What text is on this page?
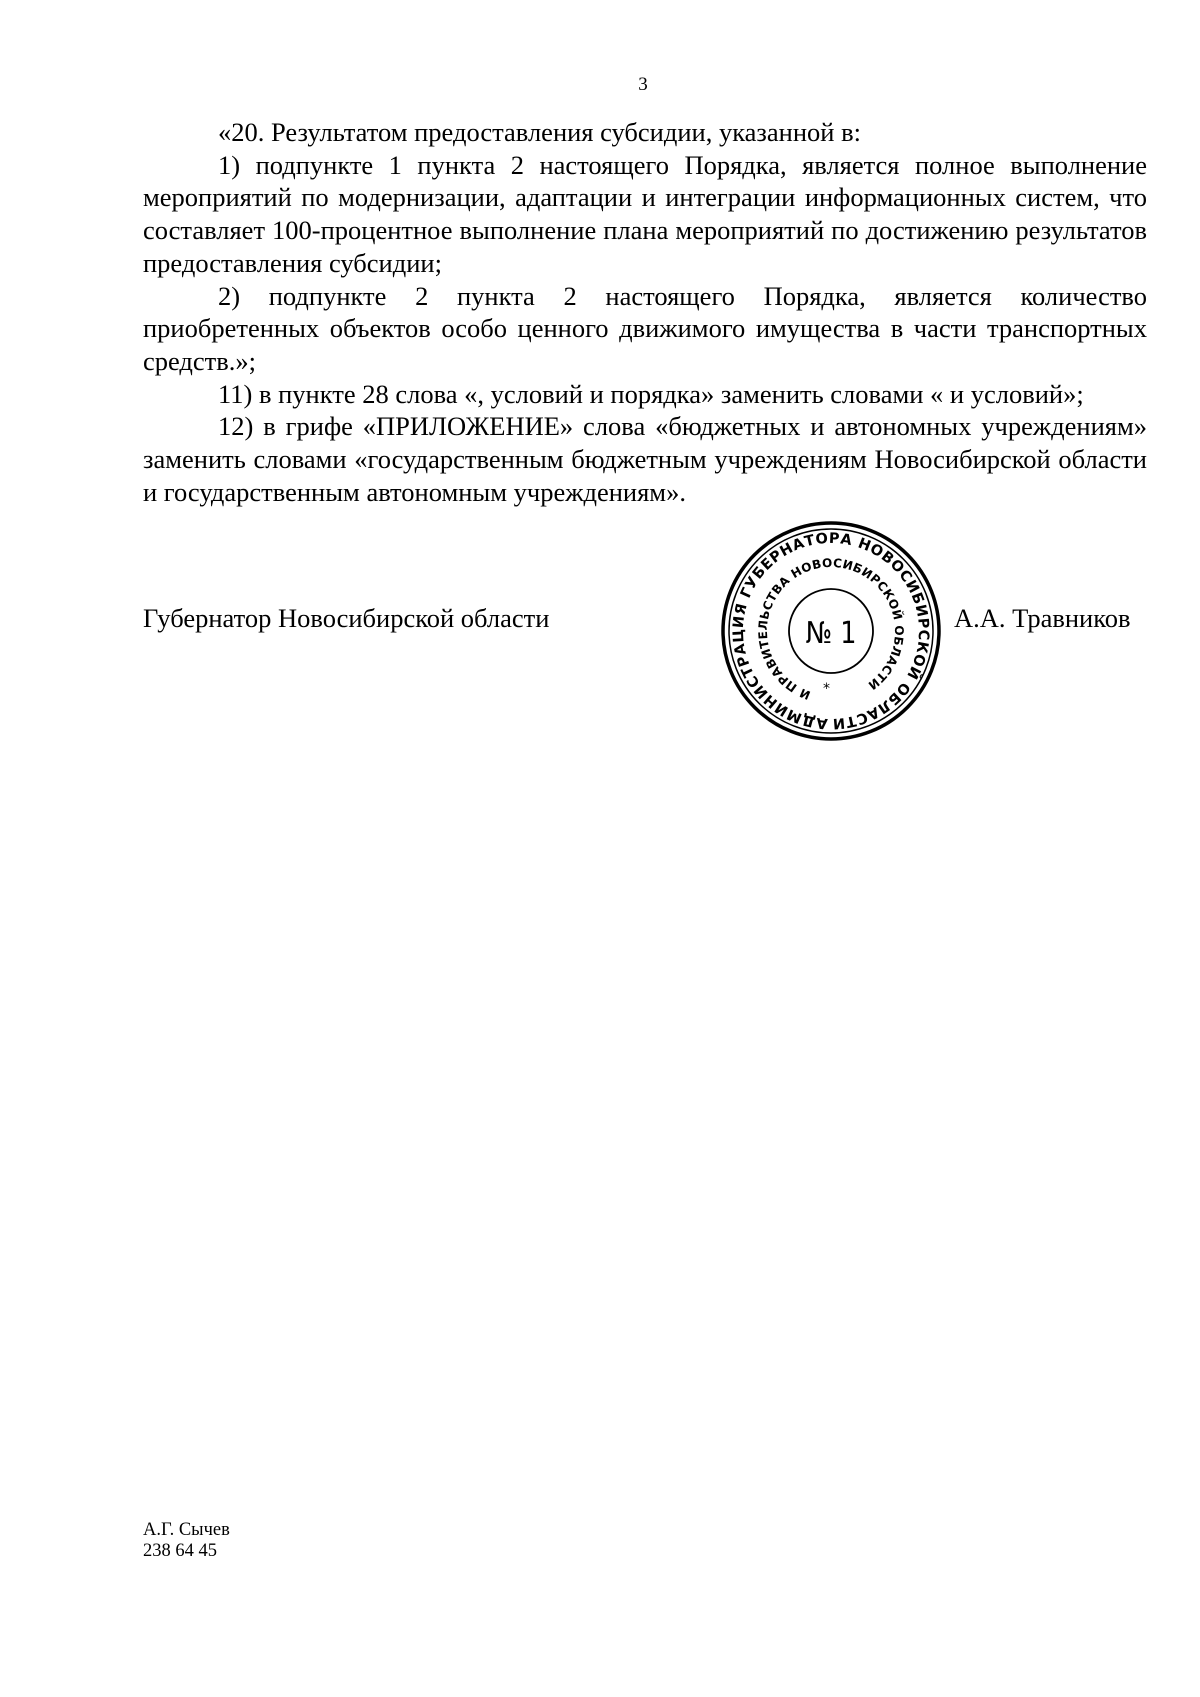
3

«20. Результатом предоставления субсидии, указанной в:

1) подпункте 1 пункта 2 настоящего Порядка, является полное выполнение мероприятий по модернизации, адаптации и интеграции информационных систем, что составляет 100-процентное выполнение плана мероприятий по достижению результатов предоставления субсидии;

2) подпункте 2 пункта 2 настоящего Порядка, является количество приобретенных объектов особо ценного движимого имущества в части транспортных средств.»;

11) в пункте 28 слова «, условий и порядка» заменить словами « и условий»;

12) в грифе «ПРИЛОЖЕНИЕ» слова «бюджетных и автономных учреждениям» заменить словами «государственным бюджетным учреждениям Новосибирской области и государственным автономным учреждениям».

Губернатор Новосибирской области
АДМИНИСТРАЦИЯ ГУБЕРНАТОРА НОВОСИБИРСКОЙ ОБЛАСТИ
И ПРАВИТЕЛЬСТВА НОВОСИБИРСКОЙ ОБЛАСТИ
№ 1
*
А.А. Травников
А.Г. Сычев
238 64 45
